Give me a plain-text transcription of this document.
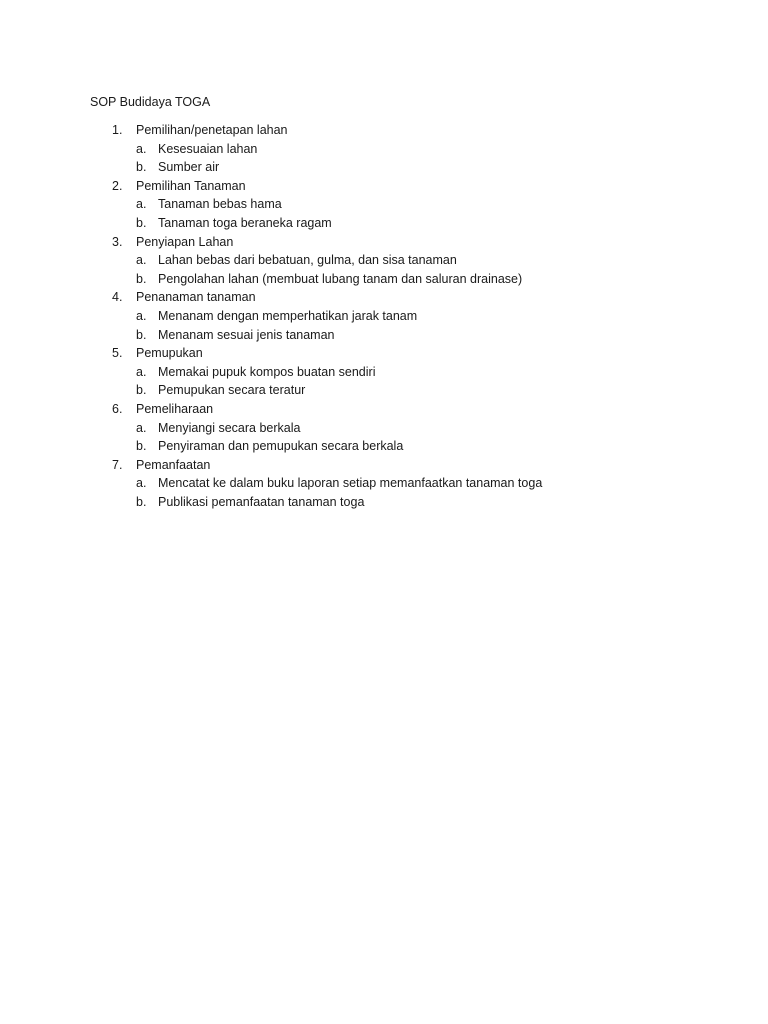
SOP Budidaya TOGA
1. Pemilihan/penetapan lahan
a. Kesesuaian lahan
b. Sumber air
2. Pemilihan Tanaman
a. Tanaman bebas hama
b. Tanaman toga beraneka ragam
3. Penyiapan Lahan
a. Lahan bebas dari bebatuan, gulma, dan sisa tanaman
b. Pengolahan lahan (membuat lubang tanam dan saluran drainase)
4. Penanaman tanaman
a. Menanam dengan memperhatikan jarak tanam
b. Menanam sesuai jenis tanaman
5. Pemupukan
a. Memakai pupuk kompos buatan sendiri
b. Pemupukan secara teratur
6. Pemeliharaan
a. Menyiangi secara berkala
b. Penyiraman dan pemupukan secara berkala
7. Pemanfaatan
a. Mencatat ke dalam buku laporan setiap memanfaatkan tanaman toga
b. Publikasi pemanfaatan tanaman toga
